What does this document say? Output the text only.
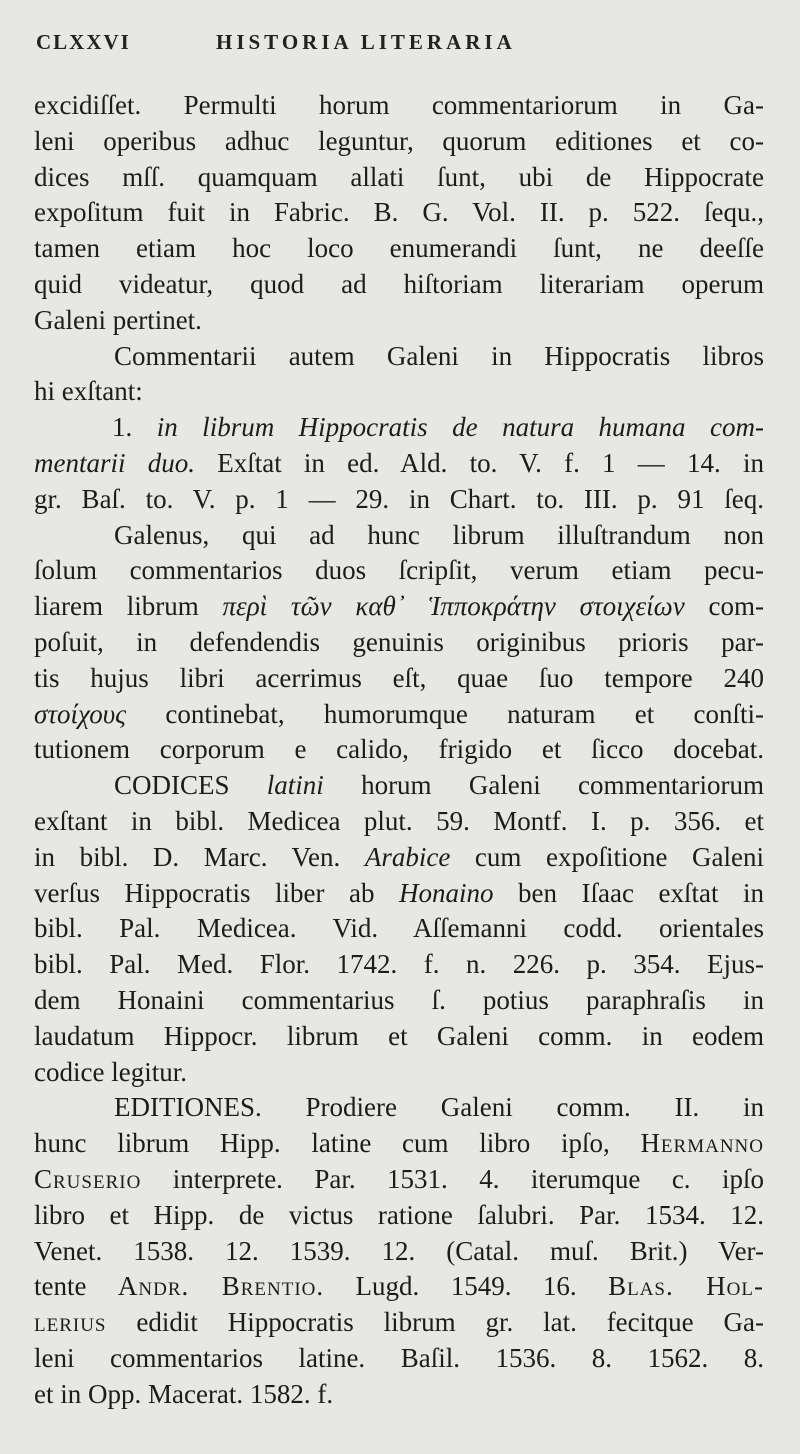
CLXXVI	HISTORIA LITERARIA
excidiſſet. Permulti horum commentariorum in Ga-
leni operibus adhuc leguntur, quorum editiones et co-
dices mſſ. quamquam allati ſunt, ubi de Hippocrate
expoſitum fuit in Fabric. B. G. Vol. II. p. 522. ſequ.,
tamen etiam hoc loco enumerandi ſunt, ne deeſſe
quid videatur, quod ad hiſtoriam literariam operum
Galeni pertinet.
Commentarii autem Galeni in Hippocratis libros
hi exſtant:
1. in librum Hippocratis de natura humana com-
mentarii duo. Exſtat in ed. Ald. to. V. f. 1 — 14. in
gr. Baſ. to. V. p. 1 — 29. in Chart. to. III. p. 91 ſeq.
Galenus, qui ad hunc librum illuſtrandum non
ſolum commentarios duos ſcripſit, verum etiam pecu-
liarem librum περὶ τῶν καθ᾽ Ἱπποκράτην στοιχείων com-
poſuit, in defendendis genuinis originibus prioris par-
tis hujus libri acerrimus eſt, quae ſuo tempore 240
στοίχους continebat, humorumque naturam et conſti-
tutionem corporum e calido, frigido et ſicco docebat.
CODICES latini horum Galeni commentariorum
exſtant in bibl. Medicea plut. 59. Montf. I. p. 356. et
in bibl. D. Marc. Ven. Arabice cum expoſitione Galeni
verſus Hippocratis liber ab Honaino ben Iſaac exſtat in
bibl. Pal. Medicea. Vid. Aſſemanni codd. orientales
bibl. Pal. Med. Flor. 1742. f. n. 226. p. 354. Ejus-
dem Honaini commentarius ſ. potius paraphraſis in
laudatum Hippocr. librum et Galeni comm. in eodem
codice legitur.
EDITIONES. Prodiere Galeni comm. II. in
hunc librum Hipp. latine cum libro ipſo, Hermanno
Cruserio interprete. Par. 1531. 4. iterumque c. ipſo
libro et Hipp. de victus ratione ſalubri. Par. 1534. 12.
Venet. 1538. 12. 1539. 12. (Catal. muſ. Brit.) Ver-
tente Andr. Brentio. Lugd. 1549. 16. Blas. Hol-
lerius edidit Hippocratis librum gr. lat. fecitque Ga-
leni commentarios latine. Baſil. 1536. 8. 1562. 8.
et in Opp. Macerat. 1582. f.
